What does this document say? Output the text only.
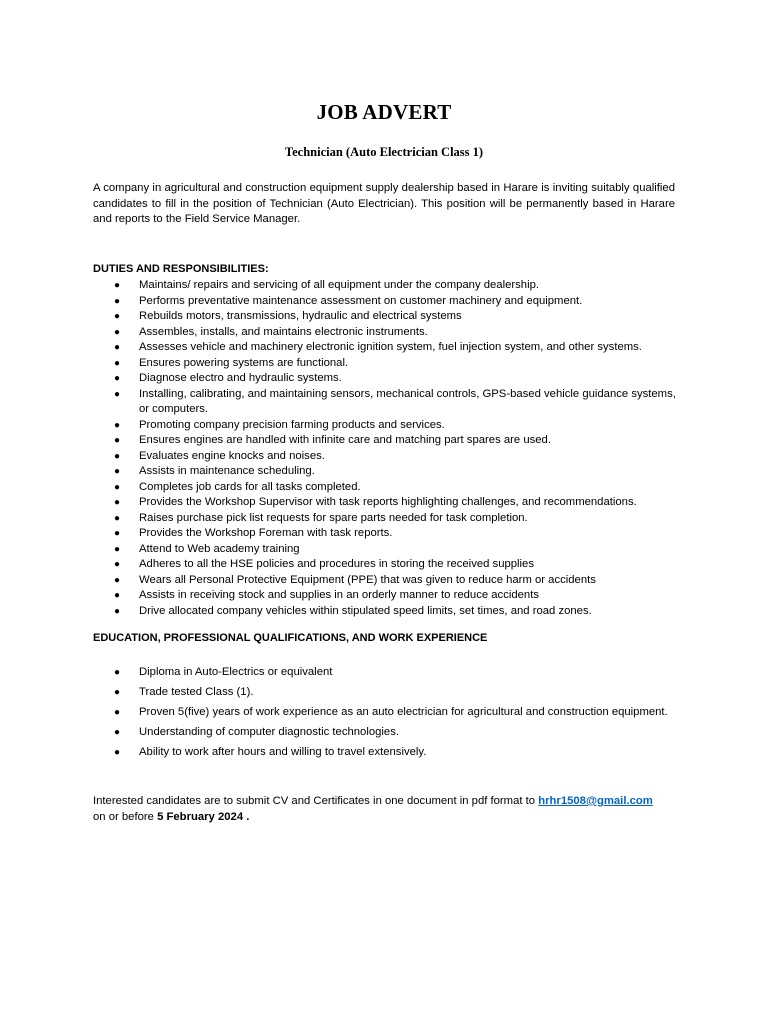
JOB ADVERT
Technician (Auto Electrician Class 1)
A company in agricultural and construction equipment supply dealership based in Harare is inviting suitably qualified candidates to fill in the position of Technician (Auto Electrician). This position will be permanently based in Harare and reports to the Field Service Manager.
DUTIES AND RESPONSIBILITIES:
● Maintains/ repairs and servicing of all equipment under the company dealership.
● Performs preventative maintenance assessment on customer machinery and equipment.
● Rebuilds motors, transmissions, hydraulic and electrical systems
● Assembles, installs, and maintains electronic instruments.
● Assesses vehicle and machinery electronic ignition system, fuel injection system, and other systems.
● Ensures powering systems are functional.
● Diagnose electro and hydraulic systems.
● Installing, calibrating, and maintaining sensors, mechanical controls, GPS-based vehicle guidance systems, or computers.
● Promoting company precision farming products and services.
● Ensures engines are handled with infinite care and matching part spares are used.
● Evaluates engine knocks and noises.
● Assists in maintenance scheduling.
● Completes job cards for all tasks completed.
● Provides the Workshop Supervisor with task reports highlighting challenges, and recommendations.
● Raises purchase pick list requests for spare parts needed for task completion.
● Provides the Workshop Foreman with task reports.
● Attend to Web academy training
● Adheres to all the HSE policies and procedures in storing the received supplies
● Wears all Personal Protective Equipment (PPE) that was given to reduce harm or accidents
● Assists in receiving stock and supplies in an orderly manner to reduce accidents
● Drive allocated company vehicles within stipulated speed limits, set times, and road zones.
EDUCATION, PROFESSIONAL QUALIFICATIONS, AND WORK EXPERIENCE
● Diploma in Auto-Electrics or equivalent
● Trade tested Class (1).
● Proven 5(five) years of work experience as an auto electrician for agricultural and construction equipment.
● Understanding of computer diagnostic technologies.
● Ability to work after hours and willing to travel extensively.
Interested candidates are to submit CV and Certificates in one document in pdf format to hrhr1508@gmail.com
on or before 5 February 2024 .
